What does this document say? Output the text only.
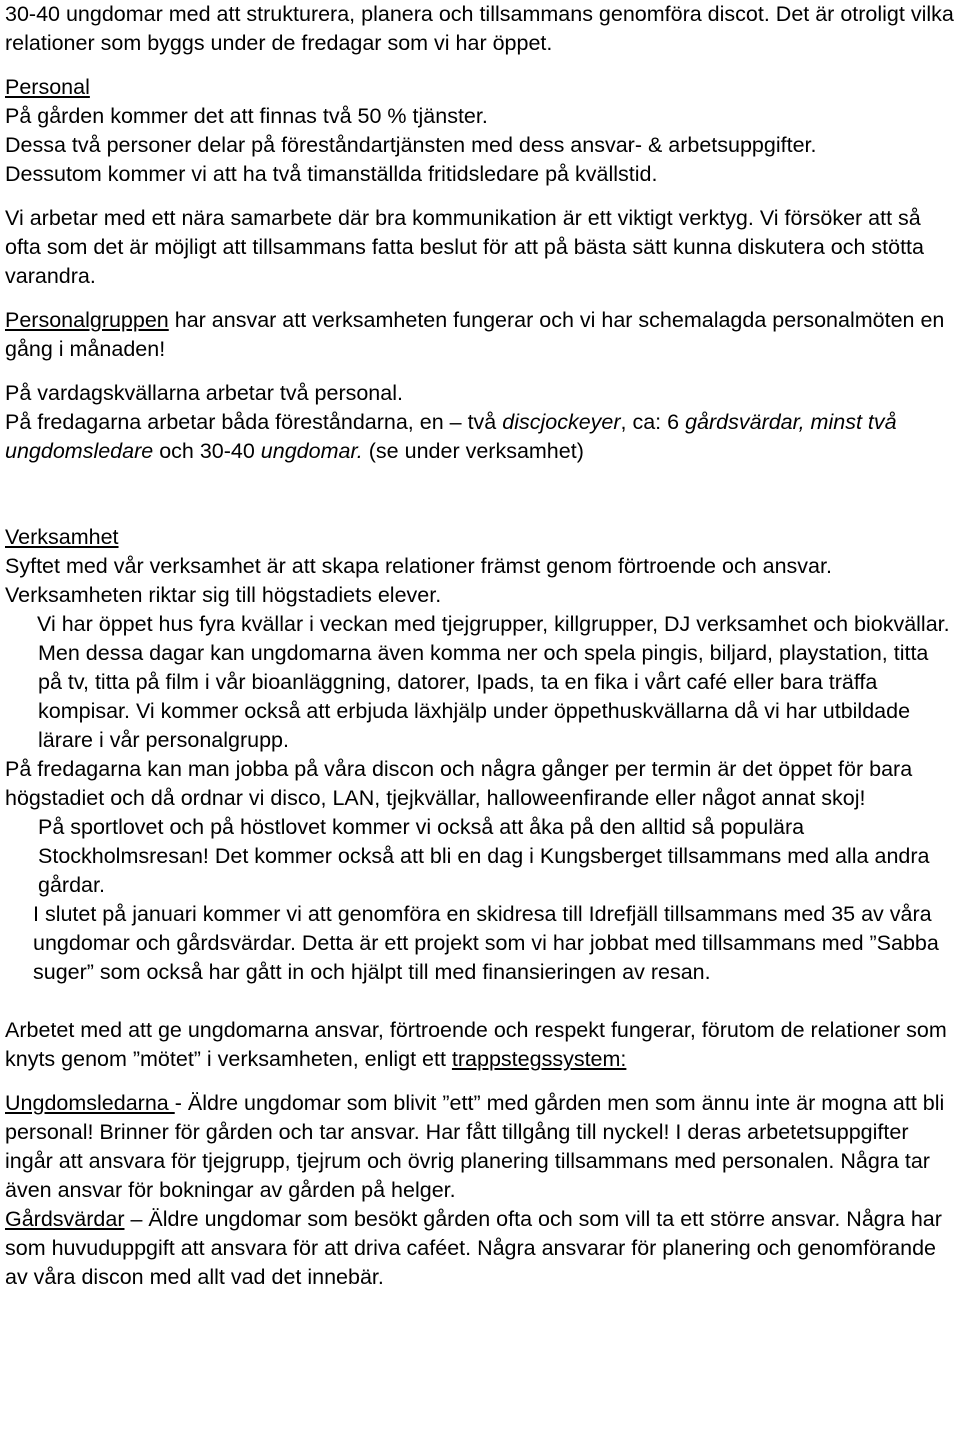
30-40 ungdomar med att strukturera, planera och tillsammans genomföra discot. Det är otroligt vilka relationer som byggs under de fredagar som vi har öppet.

Personal
På gården kommer det att finnas två 50 % tjänster.
Dessa två personer delar på föreståndartjänsten med dess ansvar- & arbetsuppgifter.
Dessutom kommer vi att ha två timanställda fritidsledare på kvällstid.

Vi arbetar med ett nära samarbete där bra kommunikation är ett viktigt verktyg. Vi försöker att så ofta som det är möjligt att tillsammans fatta beslut för att på bästa sätt kunna diskutera och stötta varandra.

Personalgruppen har ansvar att verksamheten fungerar och vi har schemalagda personalmöten en gång i månaden!

På vardagskvällarna arbetar två personal.
På fredagarna arbetar båda föreståndarna, en – två discjockeyer, ca: 6 gårdsvärdar, minst två ungdomsledare och 30-40 ungdomar. (se under verksamhet)

Verksamhet

Syftet med vår verksamhet är att skapa relationer främst genom förtroende och ansvar. Verksamheten riktar sig till högstadiets elever.

Vi har öppet hus fyra kvällar i veckan med tjejgrupper, killgrupper, DJ verksamhet och biokvällar. Men dessa dagar kan ungdomarna även komma ner och spela pingis, biljard, playstation, titta på tv, titta på film i vår bioanläggning, datorer, Ipads, ta en fika i vårt café eller bara träffa kompisar. Vi kommer också att erbjuda läxhjälp under öppethuskvällarna då vi har utbildade lärare i vår personalgrupp.

På fredagarna kan man jobba på våra discon och några gånger per termin är det öppet för bara högstadiet och då ordnar vi disco, LAN, tjejkvällar, halloweenfirande eller något annat skoj!

På sportlovet och på höstlovet kommer vi också att åka på den alltid så populära Stockholmsresan! Det kommer också att bli en dag i Kungsberget tillsammans med alla andra gårdar.

I slutet på januari kommer vi att genomföra en skidresa till Idrefjäll tillsammans med 35 av våra ungdomar och gårdsvärdar. Detta är ett projekt som vi har jobbat med tillsammans med ”Sabba suger” som också har gått in och hjälpt till med finansieringen av resan.

Arbetet med att ge ungdomarna ansvar, förtroende och respekt fungerar, förutom de relationer som knyts genom ”mötet” i verksamheten, enligt ett trappstegssystem:

Ungdomsledarna - Äldre ungdomar som blivit ”ett” med gården men som ännu inte är mogna att bli personal! Brinner för gården och tar ansvar. Har fått tillgång till nyckel! I deras arbetetsuppgifter ingår att ansvara för tjejgrupp, tjejrum och övrig planering tillsammans med personalen. Några tar även ansvar för bokningar av gården på helger.

Gårdsvärdar – Äldre ungdomar som besökt gården ofta och som vill ta ett större ansvar. Några har som huvuduppgift att ansvara för att driva caféet. Några ansvarar för planering och genomförande av våra discon med allt vad det innebär.
